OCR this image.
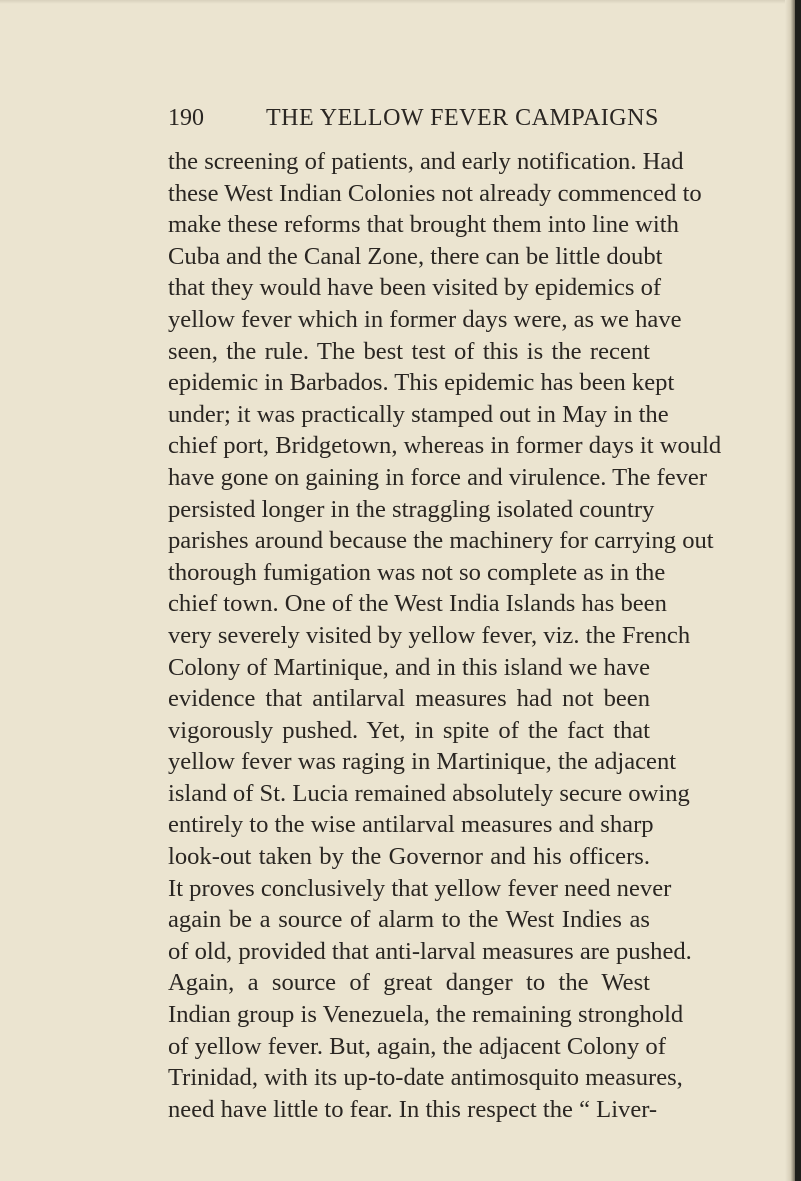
190	THE YELLOW FEVER CAMPAIGNS
the screening of patients, and early notification. Had
these West Indian Colonies not already commenced to
make these reforms that brought them into line with
Cuba and the Canal Zone, there can be little doubt
that they would have been visited by epidemics of
yellow fever which in former days were, as we have
seen, the rule. The best test of this is the recent
epidemic in Barbados. This epidemic has been kept
under; it was practically stamped out in May in the
chief port, Bridgetown, whereas in former days it would
have gone on gaining in force and virulence. The fever
persisted longer in the straggling isolated country
parishes around because the machinery for carrying out
thorough fumigation was not so complete as in the
chief town. One of the West India Islands has been
very severely visited by yellow fever, viz. the French
Colony of Martinique, and in this island we have
evidence that antilarval measures had not been
vigorously pushed. Yet, in spite of the fact that
yellow fever was raging in Martinique, the adjacent
island of St. Lucia remained absolutely secure owing
entirely to the wise antilarval measures and sharp
look-out taken by the Governor and his officers.
It proves conclusively that yellow fever need never
again be a source of alarm to the West Indies as
of old, provided that anti-larval measures are pushed.
Again, a source of great danger to the West
Indian group is Venezuela, the remaining stronghold
of yellow fever. But, again, the adjacent Colony of
Trinidad, with its up-to-date antimosquito measures,
need have little to fear. In this respect the “ Liver-
